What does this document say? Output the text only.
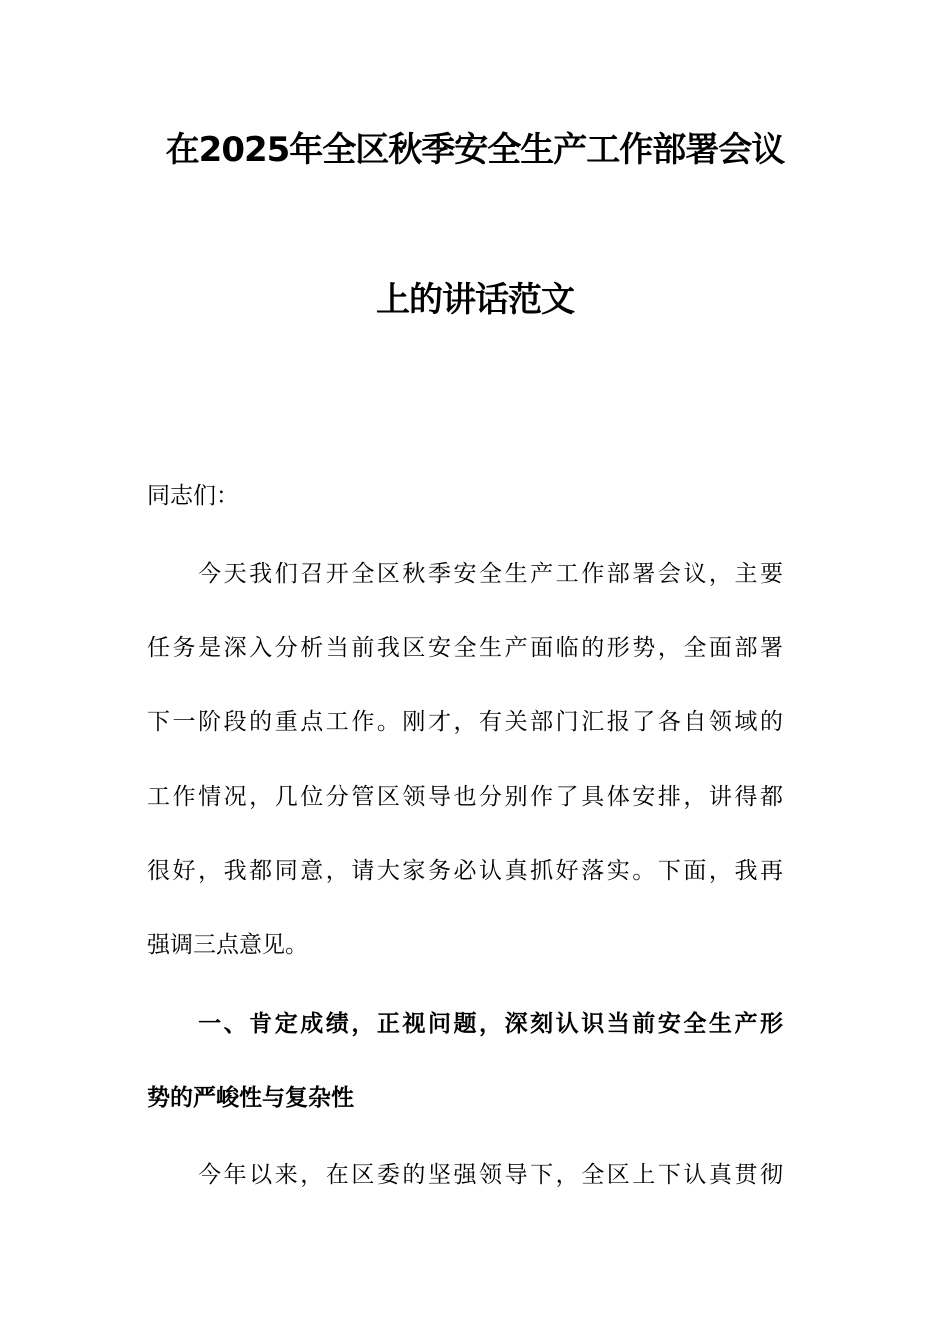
在2025年全区秋季安全生产工作部署会议
上的讲话范文
同志们：
　　今天我们召开全区秋季安全生产工作部署会议，主要
任务是深入分析当前我区安全生产面临的形势，全面部署
下一阶段的重点工作。刚才，有关部门汇报了各自领域的
工作情况，几位分管区领导也分别作了具体安排，讲得都
很好，我都同意，请大家务必认真抓好落实。下面，我再
强调三点意见。
　　一、肯定成绩，正视问题，深刻认识当前安全生产形
势的严峻性与复杂性
　　今年以来，在区委的坚强领导下，全区上下认真贯彻
